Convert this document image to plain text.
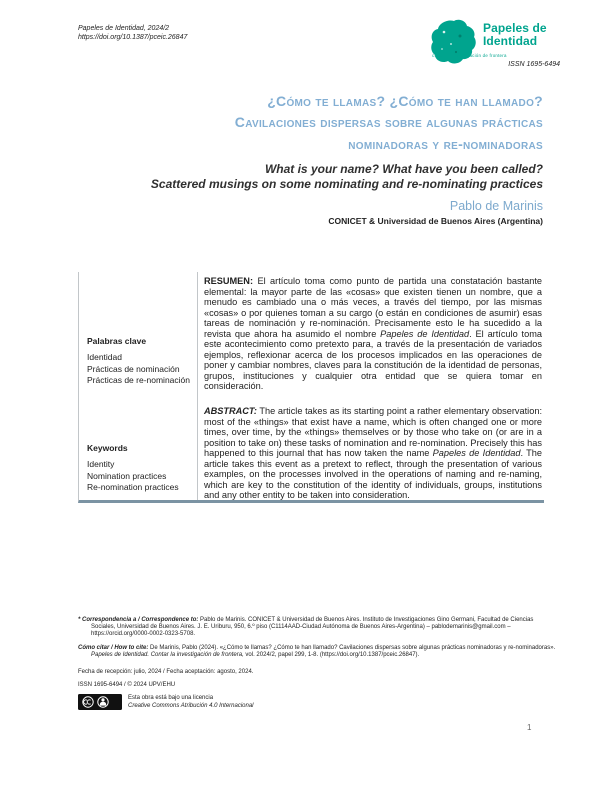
Papeles de Identidad, 2024/2
https://doi.org/10.1387/pceic.26847
Papeles de
Identidad
contar la investigación de frontera
ISSN 1695-6494
¿Cómo te llamas? ¿Cómo te han llamado?
Cavilaciones dispersas sobre algunas prácticas
nominadoras y re-nominadoras
What is your name? What have you been called?
Scattered musings on some nominating and re-nominating practices
Pablo de Marinis
CONICET & Universidad de Buenos Aires (Argentina)
Palabras clave
Identidad
Prácticas de nominación
Prácticas de re-nominación
Keywords
Identity
Nomination practices
Re-nomination practices
RESUMEN: El artículo toma como punto de partida una constatación bastante elemental: la mayor parte de las «cosas» que existen tienen un nombre, que a menudo es cambiado una o más veces, a través del tiempo, por las mismas «cosas» o por quienes toman a su cargo (o están en condiciones de asumir) esas tareas de nominación y re-nominación. Precisamente esto le ha sucedido a la revista que ahora ha asumido el nombre Papeles de Identidad. El artículo toma este acontecimiento como pretexto para, a través de la presentación de variados ejemplos, reflexionar acerca de los procesos implicados en las operaciones de poner y cambiar nombres, claves para la constitución de la identidad de personas, grupos, instituciones y cualquier otra entidad que se quiera tomar en consideración.
ABSTRACT: The article takes as its starting point a rather elementary observation: most of the «things» that exist have a name, which is often changed one or more times, over time, by the «things» themselves or by those who take on (or are in a position to take on) these tasks of nomination and re-nomination. Precisely this has happened to this journal that has now taken the name Papeles de Identidad. The article takes this event as a pretext to reflect, through the presentation of various examples, on the processes involved in the operations of naming and re-naming, which are key to the constitution of the identity of individuals, groups, institutions and any other entity to be taken into consideration.

* Correspondencia a / Correspondence to: Pablo de Marinis. CONICET & Universidad de Buenos Aires. Instituto de Investigaciones Gino Germani, Facultad de Ciencias Sociales, Universidad de Buenos Aires. J. E. Uriburu, 950, 6.º piso (C1114AAD-Ciudad Autónoma de Buenos Aires-Argentina) – pablodemarinis@gmail.com – https://orcid.org/0000-0002-0323-5708.

Cómo citar / How to cite: De Marinis, Pablo (2024). «¿Cómo te llamas? ¿Cómo te han llamado? Cavilaciones dispersas sobre algunas prácticas nominadoras y re-nominadoras». Papeles de Identidad. Contar la investigación de frontera, vol. 2024/2, papel 299, 1-8. (https://doi.org/10.1387/pceic.26847).

Fecha de recepción: julio, 2024 / Fecha aceptación: agosto, 2024.
ISSN 1695-6494 / © 2024 UPV/EHU
Esta obra está bajo una licencia
Creative Commons Atribución 4.0 Internacional
1
